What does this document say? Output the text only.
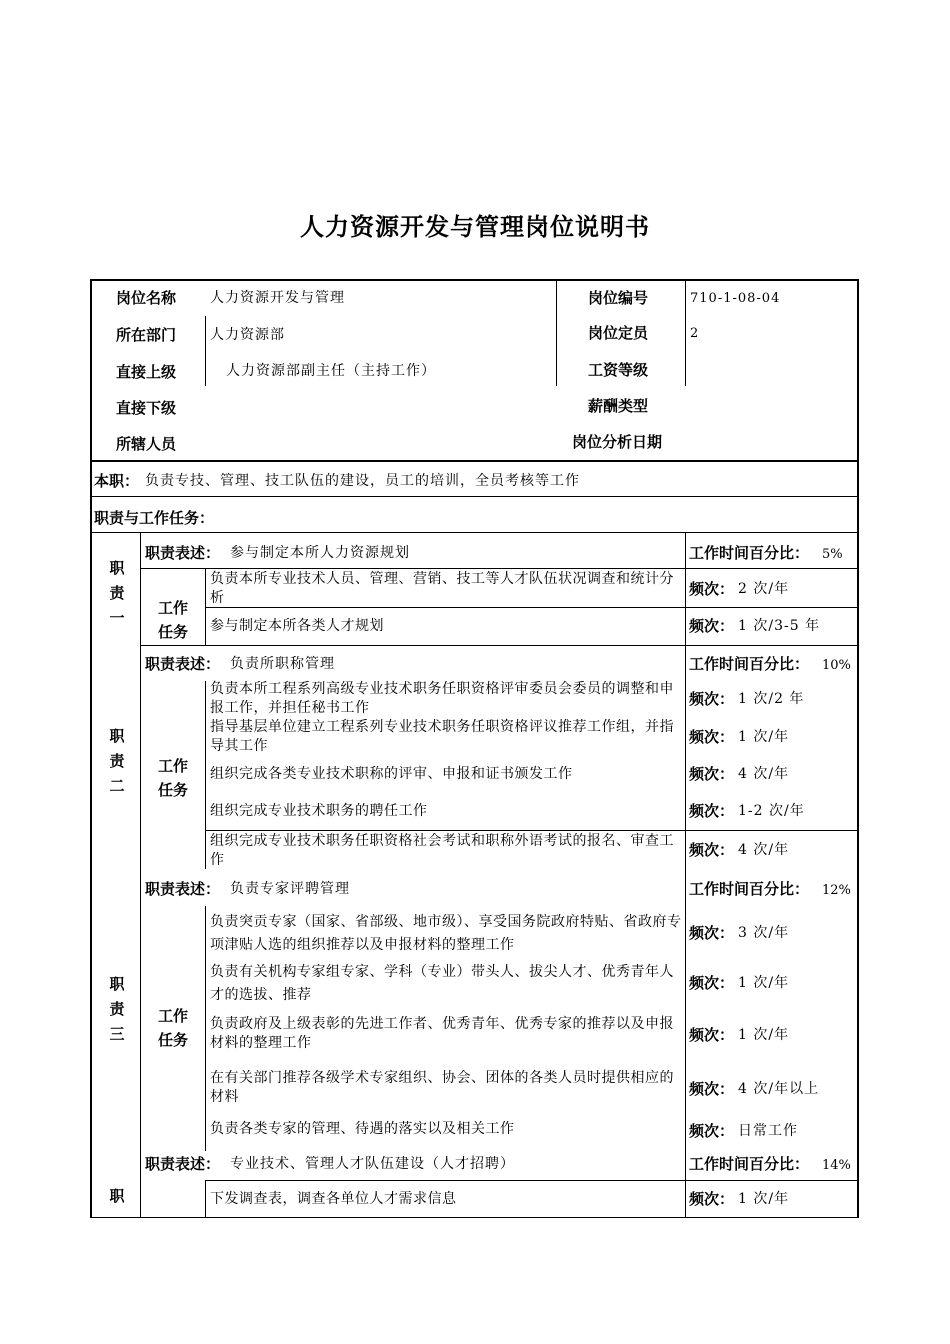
人力资源开发与管理岗位说明书
岗位名称 人力资源开发与管理	岗位编号	710-1-08-04
所在部门 人力资源部	岗位定员	2
直接上级	人力资源部副主任（主持工作）	工资等级
直接下级	薪酬类型
所辖人员	岗位分析日期
本职： 负责专技、管理、技工队伍的建设，员工的培训，全员考核等工作
职责与工作任务：
职
责
一
职责表述： 参与制定本所人力资源规划	工作时间百分比： 5%
工作
任务
负责本所专业技术人员、管理、营销、技工等人才队伍状况调查和统计分析	频次： 2 次/年
参与制定本所各类人才规划	频次： 1 次/3-5 年
职
责
二
职责表述： 负责所职称管理	工作时间百分比： 10%
工作
任务
负责本所工程系列高级专业技术职务任职资格评审委员会委员的调整和申报工作，并担任秘书工作	频次： 1 次/2 年
指导基层单位建立工程系列专业技术职务任职资格评议推荐工作组，并指导其工作	频次： 1 次/年
组织完成各类专业技术职称的评审、申报和证书颁发工作	频次： 4 次/年
组织完成专业技术职务的聘任工作	频次： 1-2 次/年
组织完成专业技术职务任职资格社会考试和职称外语考试的报名、审查工作
频次： 4 次/年
职
责
三
职责表述： 负责专家评聘管理	工作时间百分比： 12%
工作
任务
负责突贡专家（国家、省部级、地市级）、享受国务院政府特贴、省政府专项津贴人选的组织推荐以及申报材料的整理工作
频次： 3 次/年
负责有关机构专家组专家、学科（专业）带头人、拔尖人才、优秀青年人才的选拔、推荐
频次： 1 次/年
负责政府及上级表彰的先进工作者、优秀青年、优秀专家的推荐以及申报材料的整理工作	频次： 1 次/年
在有关部门推荐各级学术专家组织、协会、团体的各类人员时提供相应的材料	频次： 4 次/年以上
负责各类专家的管理、待遇的落实以及相关工作	频次： 日常工作
职
职责表述： 专业技术、管理人才队伍建设（人才招聘）	工作时间百分比： 14%
下发调查表，调查各单位人才需求信息	频次： 1 次/年
